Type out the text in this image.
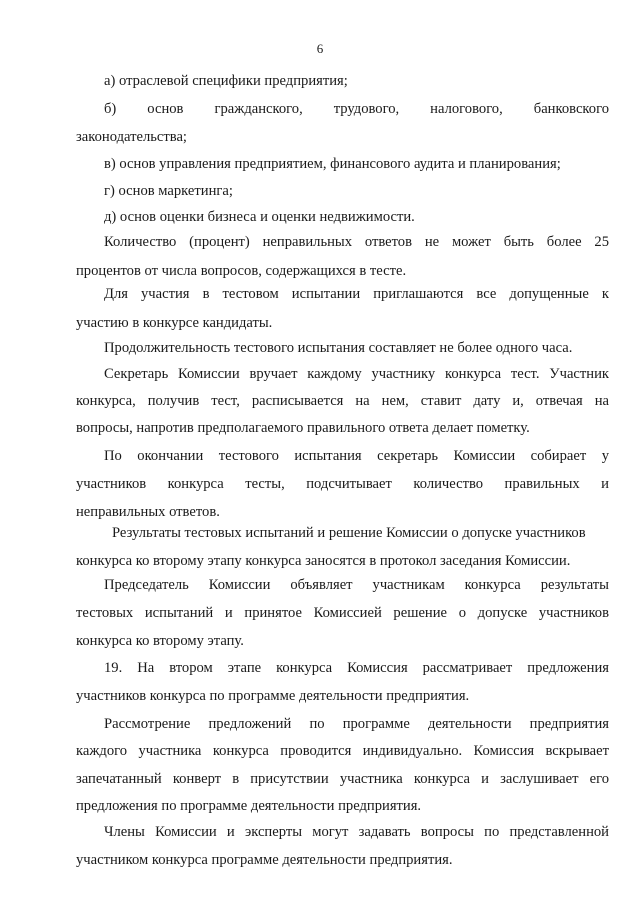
6
а) отраслевой специфики предприятия;
б) основ гражданского, трудового, налогового, банковского
законодательства;
в) основ управления предприятием, финансового аудита и планирования;
г) основ маркетинга;
д) основ оценки бизнеса и оценки недвижимости.
Количество (процент) неправильных ответов не может быть более 25
процентов от числа вопросов, содержащихся в тесте.
Для участия в тестовом испытании приглашаются все допущенные к
участию в конкурсе кандидаты.
Продолжительность тестового испытания составляет не более одного часа.
Секретарь Комиссии вручает каждому участнику конкурса тест. Участник
конкурса, получив тест, расписывается на нем, ставит дату и, отвечая на
вопросы, напротив предполагаемого правильного ответа делает пометку.
По окончании тестового испытания секретарь Комиссии собирает у
участников конкурса тесты, подсчитывает количество правильных и
неправильных ответов.
Результаты тестовых испытаний и решение Комиссии о допуске участников
конкурса ко второму этапу конкурса заносятся в протокол заседания Комиссии.
Председатель Комиссии объявляет участникам конкурса результаты
тестовых испытаний и принятое Комиссией решение о допуске участников
конкурса ко второму этапу.
19. На втором этапе конкурса Комиссия рассматривает предложения
участников конкурса по программе деятельности предприятия.
Рассмотрение предложений по программе деятельности предприятия
каждого участника конкурса проводится индивидуально. Комиссия вскрывает
запечатанный конверт в присутствии участника конкурса и заслушивает его
предложения по программе деятельности предприятия.
Члены Комиссии и эксперты могут задавать вопросы по представленной
участником конкурса программе деятельности предприятия.
